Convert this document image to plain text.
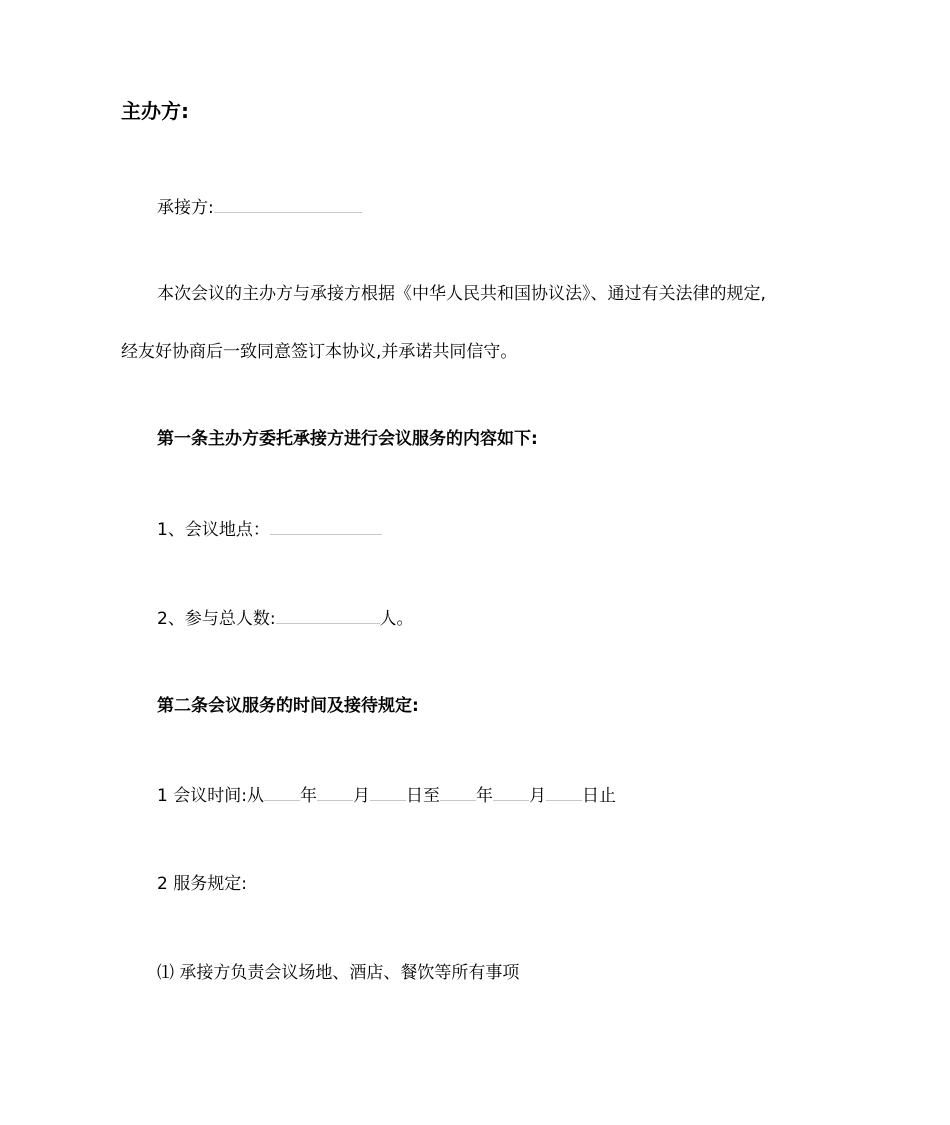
主办方:
承接方:
本次会议的主办方与承接方根据《中华人民共和国协议法》、通过有关法律的规定,
经友好协商后一致同意签订本协议,并承诺共同信守。
第一条主办方委托承接方进行会议服务的内容如下:
1、会议地点：
2、参与总人数:	人。
第二条会议服务的时间及接待规定:
1 会议时间:从 年 月 日至 年 月 日止
2 服务规定:
⑴ 承接方负责会议场地、酒店、餐饮等所有事项
